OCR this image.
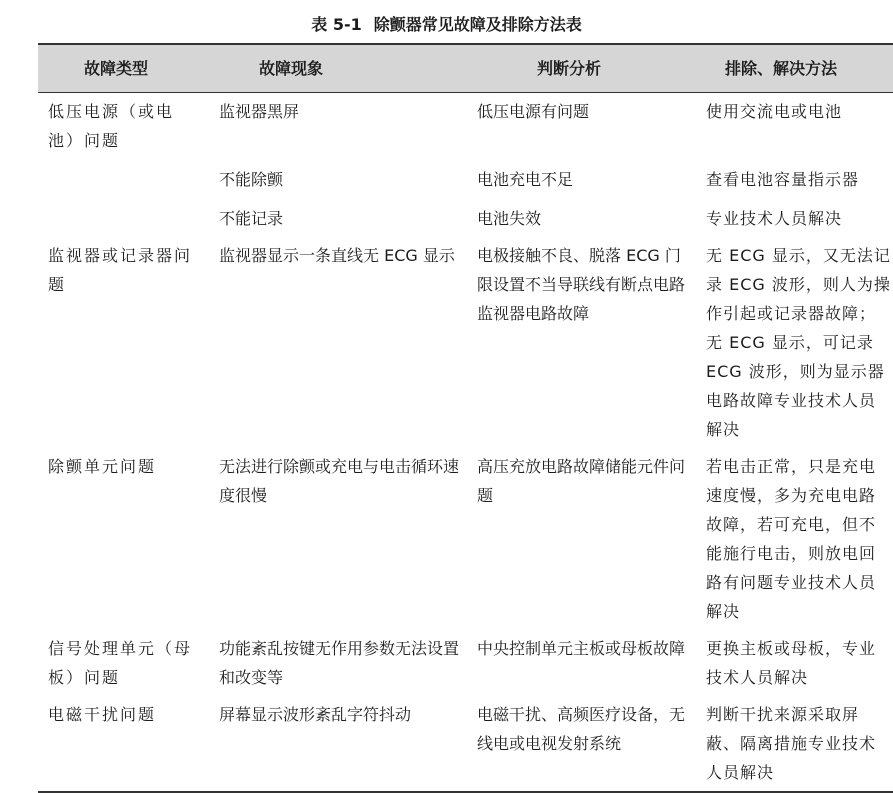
表 5-1 除颤器常见故障及排除方法表
故障类型	故障现象	判断分析	排除、解决方法
低压电源（或电池）问题	监视器黑屏	低压电源有问题	使用交流电或电池
	不能除颤	电池充电不足	查看电池容量指示器
	不能记录	电池失效	专业技术人员解决
监视器或记录器问题	监视器显示一条直线无 ECG 显示	电极接触不良、脱落 ECG 门限设置不当导联线有断点电路监视器电路故障	无 ECG 显示，又无法记录 ECG 波形，则人为操作引起或记录器故障；无 ECG 显示，可记录 ECG 波形，则为显示器电路故障专业技术人员解决
除颤单元问题	无法进行除颤或充电与电击循环速度很慢	高压充放电路故障储能元件问题	若电击正常，只是充电速度慢，多为充电电路故障，若可充电，但不能施行电击，则放电回路有问题专业技术人员解决
信号处理单元（母板）问题	功能紊乱按键无作用参数无法设置和改变等	中央控制单元主板或母板故障	更换主板或母板，专业技术人员解决
电磁干扰问题	屏幕显示波形紊乱字符抖动	电磁干扰、高频医疗设备，无线电或电视发射系统	判断干扰来源采取屏蔽、隔离措施专业技术人员解决
